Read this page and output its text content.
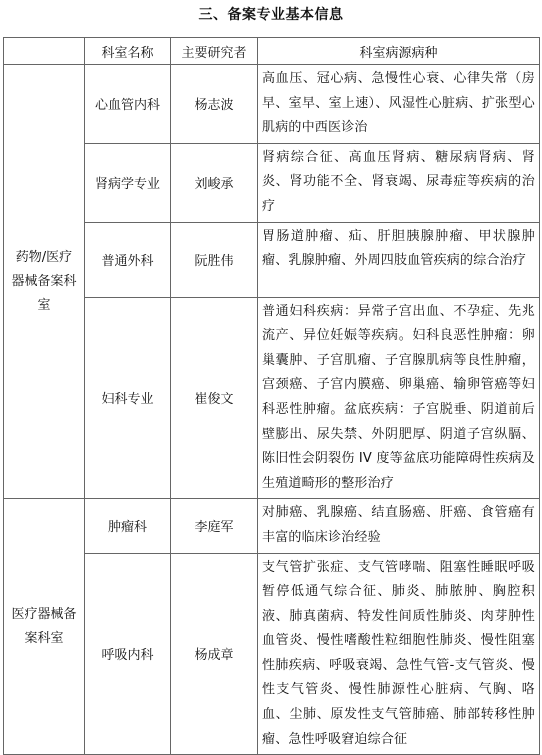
三、备案专业基本信息
	科室名称	主要研究者	科室病源病种
药物/医疗器械备案科室	心血管内科	杨志波	高血压、冠心病、急慢性心衰、心律失常（房早、室早、室上速）、风湿性心脏病、扩张型心肌病的中西医诊治
	肾病学专业	刘峻承	肾病综合征、高血压肾病、糖尿病肾病、肾炎、肾功能不全、肾衰竭、尿毒症等疾病的治疗
	普通外科	阮胜伟	胃肠道肿瘤、疝、肝胆胰腺肿瘤、甲状腺肿瘤、乳腺肿瘤、外周四肢血管疾病的综合治疗
	妇科专业	崔俊文	普通妇科疾病：异常子宫出血、不孕症、先兆流产、异位妊娠等疾病。妇科良恶性肿瘤：卵巢囊肿、子宫肌瘤、子宫腺肌病等良性肿瘤，宫颈癌、子宫内膜癌、卵巢癌、输卵管癌等妇科恶性肿瘤。盆底疾病：子宫脱垂、阴道前后壁膨出、尿失禁、外阴肥厚、阴道子宫纵膈、陈旧性会阴裂伤 IV 度等盆底功能障碍性疾病及生殖道畸形的整形治疗
医疗器械备案科室	肿瘤科	李庭军	对肺癌、乳腺癌、结直肠癌、肝癌、食管癌有丰富的临床诊治经验
	呼吸内科	杨成章	支气管扩张症、支气管哮喘、阻塞性睡眠呼吸暂停低通气综合征、肺炎、肺脓肿、胸腔积液、肺真菌病、特发性间质性肺炎、肉芽肿性血管炎、慢性嗜酸性粒细胞性肺炎、慢性阻塞性肺疾病、呼吸衰竭、急性气管-支气管炎、慢性支气管炎、慢性肺源性心脏病、气胸、咯血、尘肺、原发性支气管肺癌、肺部转移性肿瘤、急性呼吸窘迫综合征
